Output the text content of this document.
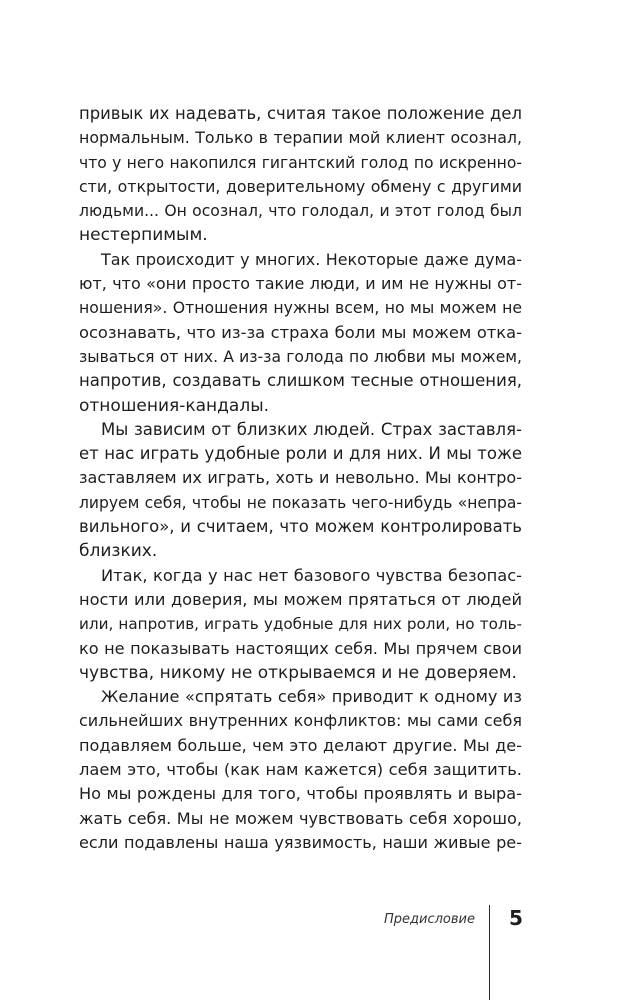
привык их надевать, считая такое положение дел
нормальным. Только в терапии мой клиент осознал,
что у него накопился гигантский голод по искренно-
сти, открытости, доверительному обмену с другими
людьми... Он осознал, что голодал, и этот голод был
нестерпимым.
Так происходит у многих. Некоторые даже дума-
ют, что «они просто такие люди, и им не нужны от-
ношения». Отношения нужны всем, но мы можем не
осознавать, что из-за страха боли мы можем отка-
зываться от них. А из-за голода по любви мы можем,
напротив, создавать слишком тесные отношения,
отношения-кандалы.
Мы зависим от близких людей. Страх заставля-
ет нас играть удобные роли и для них. И мы тоже
заставляем их играть, хоть и невольно. Мы контро-
лируем себя, чтобы не показать чего-нибудь «непра-
вильного», и считаем, что можем контролировать
близких.
Итак, когда у нас нет базового чувства безопас-
ности или доверия, мы можем прятаться от людей
или, напротив, играть удобные для них роли, но толь-
ко не показывать настоящих себя. Мы прячем свои
чувства, никому не открываемся и не доверяем.
Желание «спрятать себя» приводит к одному из
сильнейших внутренних конфликтов: мы сами себя
подавляем больше, чем это делают другие. Мы де-
лаем это, чтобы (как нам кажется) себя защитить.
Но мы рождены для того, чтобы проявлять и выра-
жать себя. Мы не можем чувствовать себя хорошо,
если подавлены наша уязвимость, наши живые ре-
Предисловие 5
